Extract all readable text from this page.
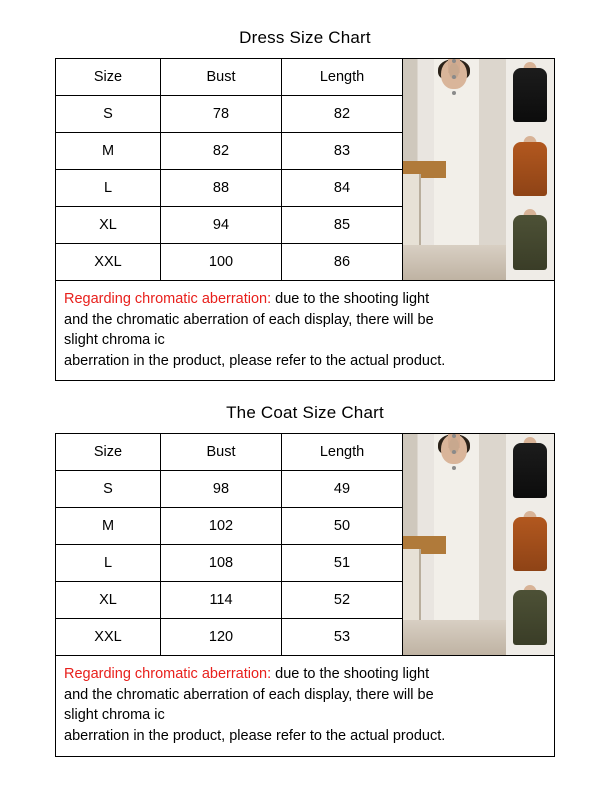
Dress Size Chart
Size	Bust	Length
S	78	82
M	82	83
L	88	84
XL	94	85
XXL	100	86

Regarding chromatic aberration: due to the shooting light

and the chromatic aberration of each display, there will be

slight chroma ic

aberration in the product, please refer to the actual product.

The Coat Size Chart
Size	Bust	Length
S	98	49
M	102	50
L	108	51
XL	114	52
XXL	120	53

Regarding chromatic aberration: due to the shooting light

and the chromatic aberration of each display, there will be

slight chroma ic

aberration in the product, please refer to the actual product.
